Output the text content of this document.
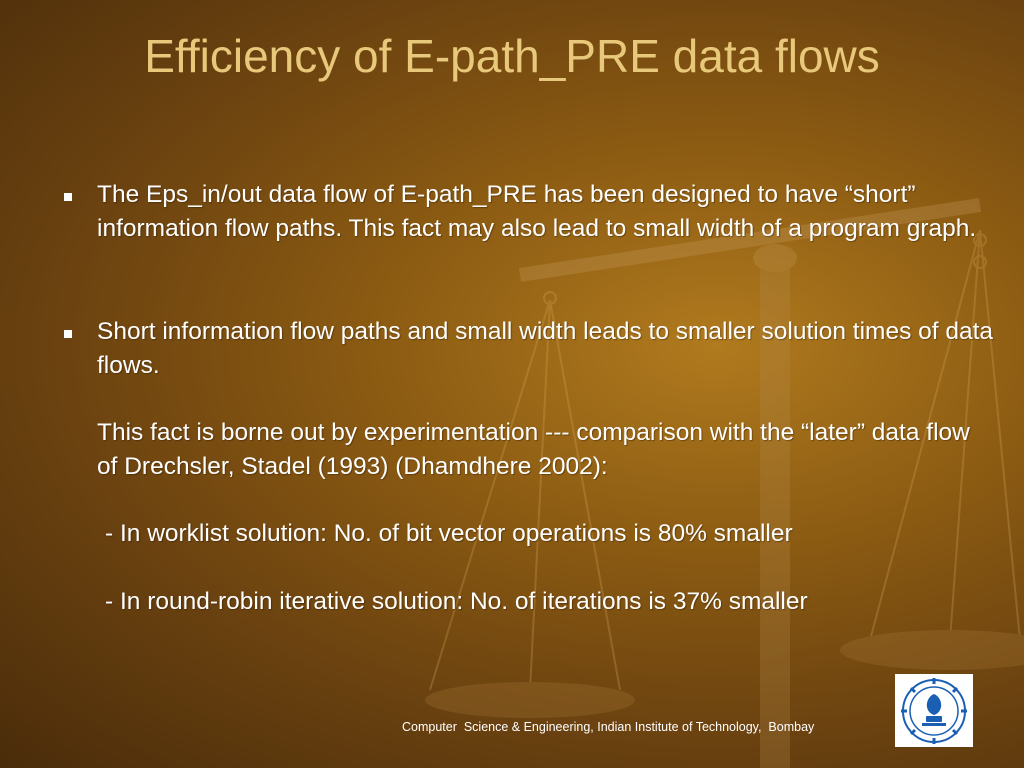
Efficiency of E-path_PRE data flows
The Eps_in/out data flow of E-path_PRE has been designed to have “short” information flow paths. This fact may also lead to small width of a program graph.
Short information flow paths and small width leads to smaller solution times of data flows.
This fact is borne out by experimentation --- comparison with the “later” data flow of Drechsler, Stadel (1993) (Dhamdhere 2002):
- In worklist solution: No. of bit vector operations is 80% smaller
- In round-robin iterative solution: No. of iterations is 37% smaller
Computer  Science & Engineering, Indian Institute of Technology,  Bombay
